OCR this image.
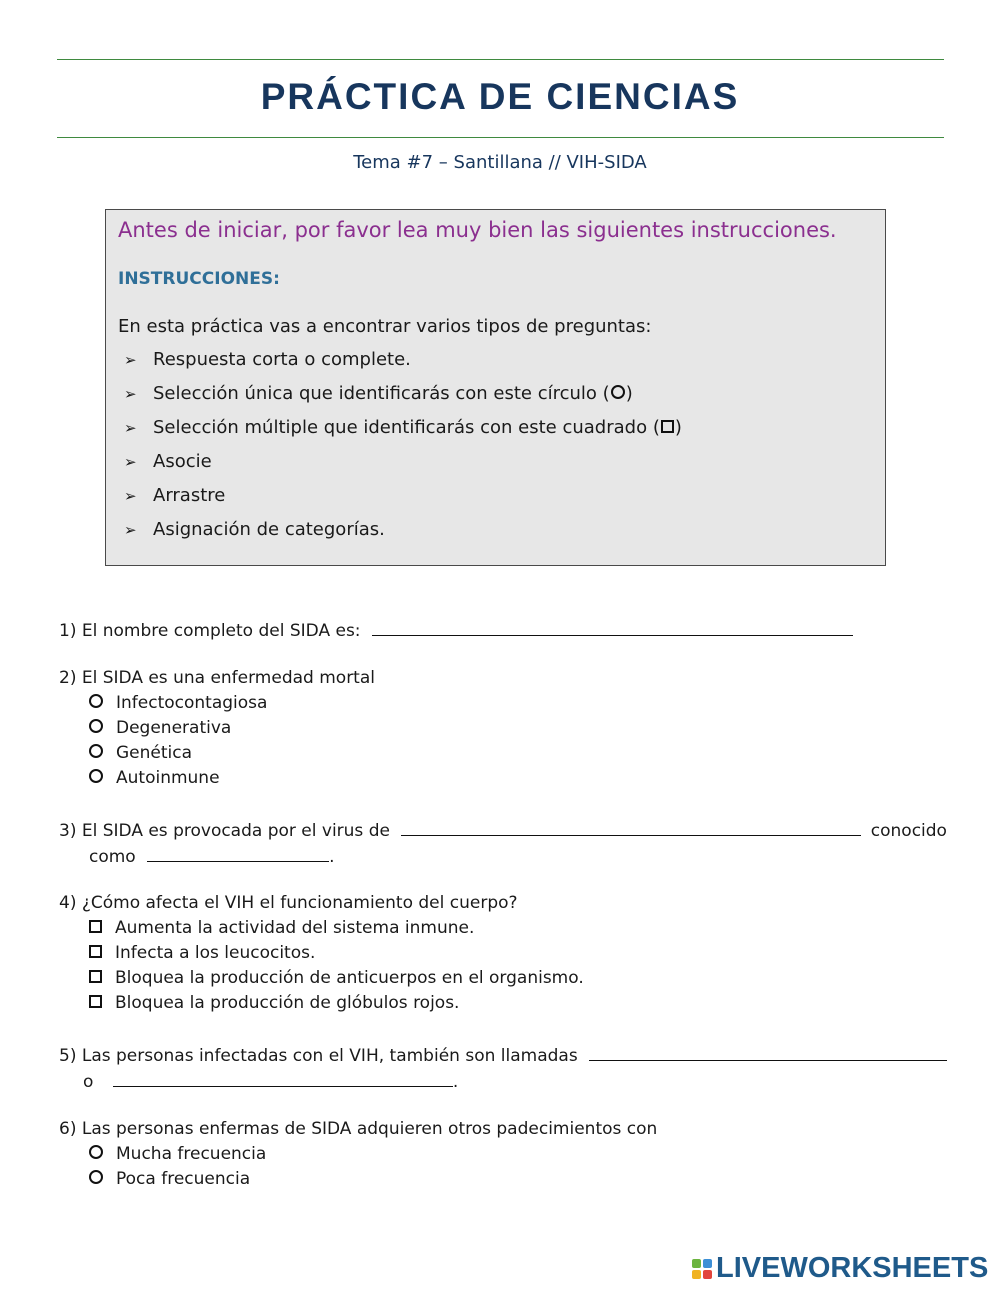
PRÁCTICA DE CIENCIAS
Tema #7 – Santillana // VIH-SIDA
Antes de iniciar, por favor lea muy bien las siguientes instrucciones.
INSTRUCCIONES:
En esta práctica vas a encontrar varios tipos de preguntas:
➢ Respuesta corta o complete.
➢ Selección única que identificarás con este círculo ( )
➢ Selección múltiple que identificarás con este cuadrado ( )
➢ Asocie
➢ Arrastre
➢ Asignación de categorías.
1) El nombre completo del SIDA es:
2) El SIDA es una enfermedad mortal
Infectocontagiosa
Degenerativa
Genética
Autoinmune
3) El SIDA es provocada por el virus de	conocido
como	.
4) ¿Cómo afecta el VIH el funcionamiento del cuerpo?
Aumenta la actividad del sistema inmune.
Infecta a los leucocitos.
Bloquea la producción de anticuerpos en el organismo.
Bloquea la producción de glóbulos rojos.
5) Las personas infectadas con el VIH, también son llamadas
o	.
6) Las personas enfermas de SIDA adquieren otros padecimientos con
Mucha frecuencia
Poca frecuencia
LIVEWORKSHEETS
